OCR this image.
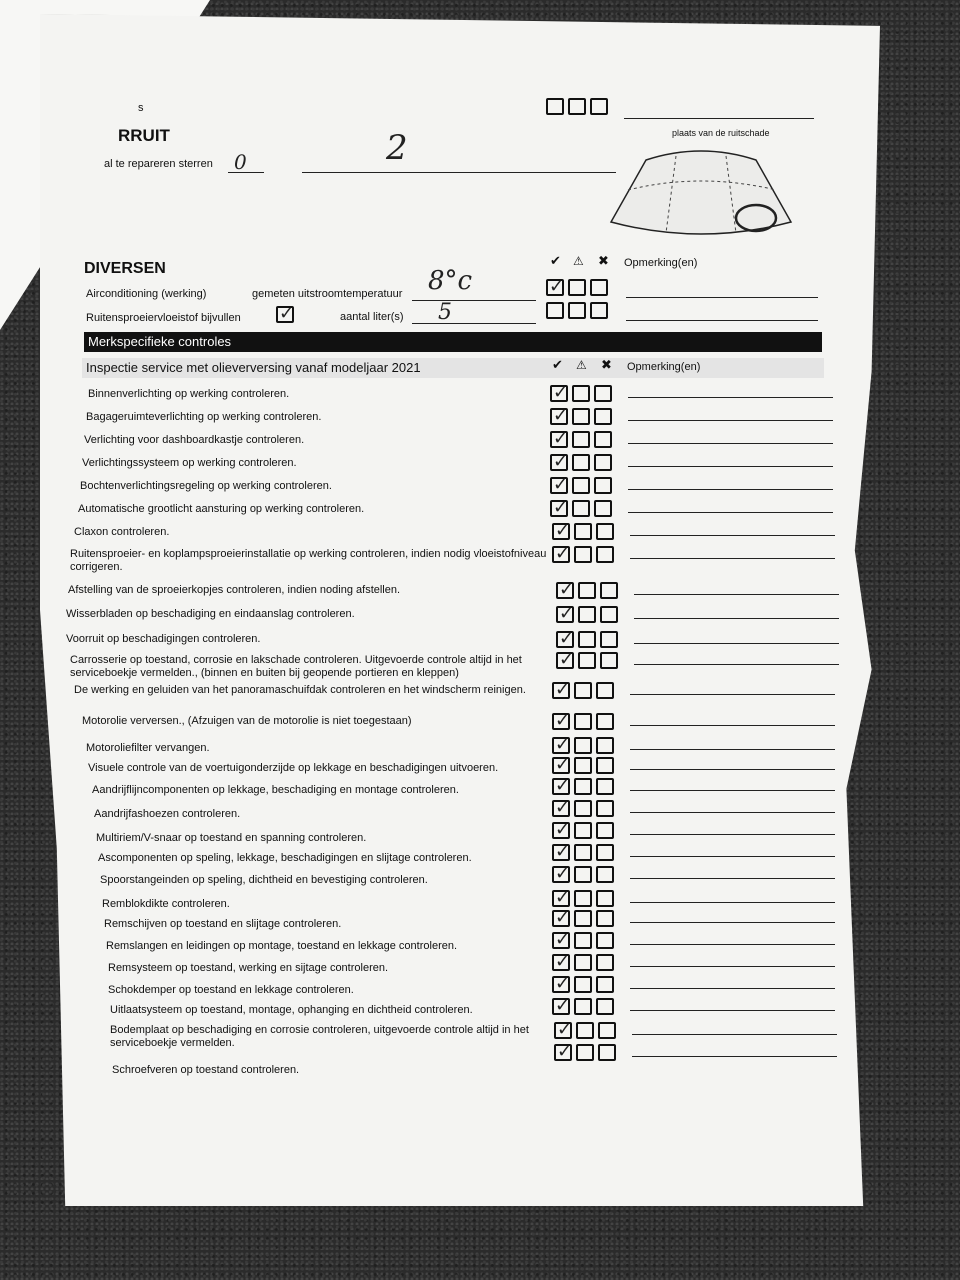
s
RRUIT
al te repareren sterren 0	2	plaats van de ruitschade
DIVERSEN	✔ ⚠ ✖ Opmerking(en)
Airconditioning (werking)	gemeten uitstroomtemperatuur 8°c
✓
Ruitensproeiervloeistof bijvullen
✓	aantal liter(s) 5
Merkspecifieke controles
Inspectie service met olieverversing vanaf modeljaar 2021	✔ ⚠ ✖ Opmerking(en)
Binnenverlichting op werking controleren.
✓
Bagageruimteverlichting op werking controleren.
✓
Verlichting voor dashboardkastje controleren.
✓
Verlichtingssysteem op werking controleren.
✓
Bochtenverlichtingsregeling op werking controleren.
✓
Automatische grootlicht aansturing op werking controleren.
✓
Claxon controleren.
✓
Ruitensproeier- en koplampsproeierinstallatie op werking controleren, indien nodig vloeistofniveau corrigeren.
✓
Afstelling van de sproeierkopjes controleren, indien noding afstellen.
✓
Wisserbladen op beschadiging en eindaanslag controleren.
✓
Voorruit op beschadigingen controleren.
✓
Carrosserie op toestand, corrosie en lakschade controleren. Uitgevoerde controle altijd in het serviceboekje vermelden., (binnen en buiten bij geopende portieren en kleppen)
✓
De werking en geluiden van het panoramaschuifdak controleren en het windscherm reinigen.
✓
Motorolie verversen., (Afzuigen van de motorolie is niet toegestaan)
✓
Motoroliefilter vervangen.
✓
Visuele controle van de voertuigonderzijde op lekkage en beschadigingen uitvoeren.
✓
Aandrijflijncomponenten op lekkage, beschadiging en montage controleren.
✓
Aandrijfashoezen controleren.
✓
Multiriem/V-snaar op toestand en spanning controleren.
✓
Ascomponenten op speling, lekkage, beschadigingen en slijtage controleren.
✓
Spoorstangeinden op speling, dichtheid en bevestiging controleren.
✓
Remblokdikte controleren.
✓
Remschijven op toestand en slijtage controleren.
✓
Remslangen en leidingen op montage, toestand en lekkage controleren.
✓
Remsysteem op toestand, werking en sijtage controleren.
✓
Schokdemper op toestand en lekkage controleren.
✓
Uitlaatsysteem op toestand, montage, ophanging en dichtheid controleren.
✓
Bodemplaat op beschadiging en corrosie controleren, uitgevoerde controle altijd in het serviceboekje vermelden.
✓
Schroefveren op toestand controleren.
✓
